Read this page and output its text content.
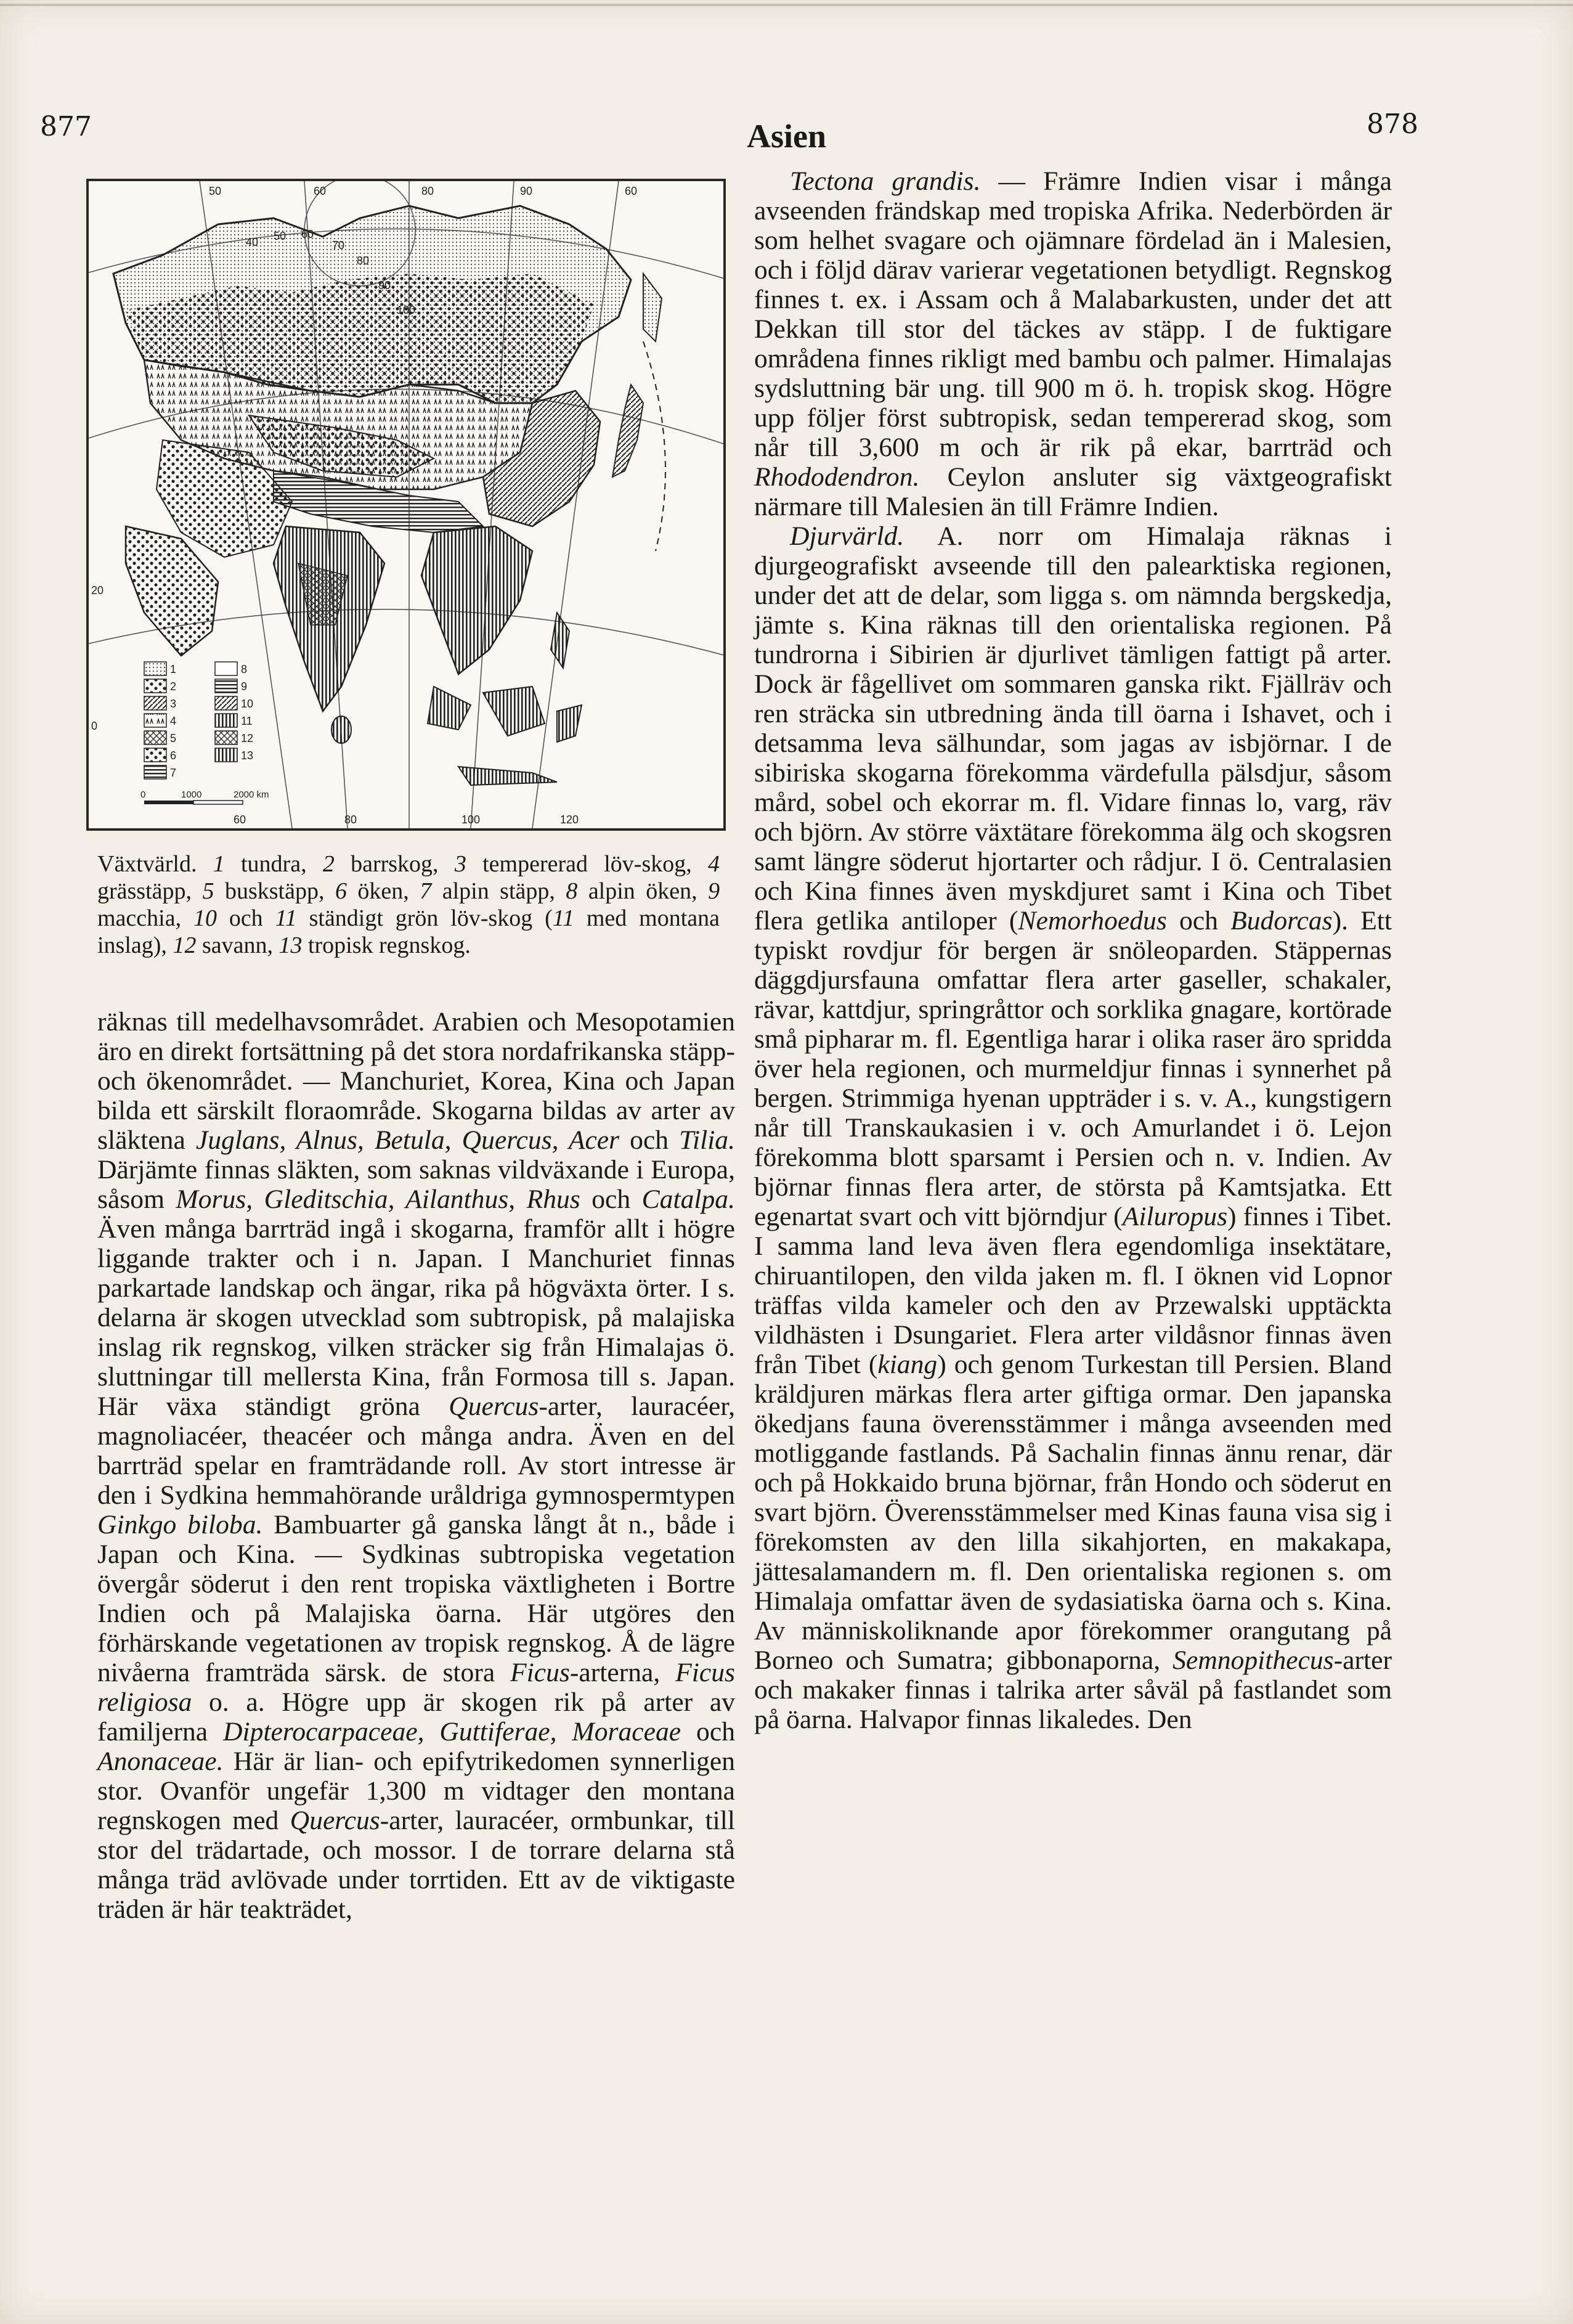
877	Asien	878
50	60	80	90	60
40 50 60
70
80
90
100
20
0
60	80	100	120
1
2
3
4
5
6
7
8
9
10
11
12
13
0	1000	2000 km
Växtvärld. 1 tundra, 2 barrskog, 3 tempererad löv-skog, 4 grässtäpp, 5 buskstäpp, 6 öken, 7 alpin stäpp, 8 alpin öken, 9 macchia, 10 och 11 ständigt grön löv-skog (11 med montana inslag), 12 savann, 13 tropisk regnskog.

räknas till medelhavsområdet. Arabien och Mesopotamien äro en direkt fortsättning på det stora nordafrikanska stäpp- och ökenområdet. — Manchuriet, Korea, Kina och Japan bilda ett särskilt floraområde. Skogarna bildas av arter av släktena Juglans, Alnus, Betula, Quercus, Acer och Tilia. Därjämte finnas släkten, som saknas vildväxande i Europa, såsom Morus, Gleditschia, Ailanthus, Rhus och Catalpa. Även många barrträd ingå i skogarna, framför allt i högre liggande trakter och i n. Japan. I Manchuriet finnas parkartade landskap och ängar, rika på högväxta örter. I s. delarna är skogen utvecklad som subtropisk, på malajiska inslag rik regnskog, vilken sträcker sig från Himalajas ö. sluttningar till mellersta Kina, från Formosa till s. Japan. Här växa ständigt gröna Quercus-arter, lauracéer, magnoliacéer, theacéer och många andra. Även en del barrträd spelar en framträdande roll. Av stort intresse är den i Sydkina hemmahörande uråldriga gymnospermtypen Ginkgo biloba. Bambuarter gå ganska långt åt n., både i Japan och Kina. — Sydkinas subtropiska vegetation övergår söderut i den rent tropiska växtligheten i Bortre Indien och på Malajiska öarna. Här utgöres den förhärskande vegetationen av tropisk regnskog. Å de lägre nivåerna framträda särsk. de stora Ficus-arterna, Ficus religiosa o. a. Högre upp är skogen rik på arter av familjerna Dipterocarpaceae, Guttiferae, Moraceae och Anonaceae. Här är lian- och epifytrikedomen synnerligen stor. Ovanför ungefär 1,300 m vidtager den montana regnskogen med Quercus-arter, lauracéer, ormbunkar, till stor del trädartade, och mossor. I de torrare delarna stå många träd avlövade under torrtiden. Ett av de viktigaste träden är här teakträdet,

Tectona grandis. — Främre Indien visar i många avseenden frändskap med tropiska Afrika. Nederbörden är som helhet svagare och ojämnare fördelad än i Malesien, och i följd därav varierar vegetationen betydligt. Regnskog finnes t. ex. i Assam och å Malabarkusten, under det att Dekkan till stor del täckes av stäpp. I de fuktigare områdena finnes rikligt med bambu och palmer. Himalajas sydsluttning bär ung. till 900 m ö. h. tropisk skog. Högre upp följer först subtropisk, sedan tempererad skog, som når till 3,600 m och är rik på ekar, barrträd och Rhododendron. Ceylon ansluter sig växtgeografiskt närmare till Malesien än till Främre Indien.

Djurvärld. A. norr om Himalaja räknas i djurgeografiskt avseende till den palearktiska regionen, under det att de delar, som ligga s. om nämnda bergskedja, jämte s. Kina räknas till den orientaliska regionen. På tundrorna i Sibirien är djurlivet tämligen fattigt på arter. Dock är fågellivet om sommaren ganska rikt. Fjällräv och ren sträcka sin utbredning ända till öarna i Ishavet, och i detsamma leva sälhundar, som jagas av isbjörnar. I de sibiriska skogarna förekomma värdefulla pälsdjur, såsom mård, sobel och ekorrar m. fl. Vidare finnas lo, varg, räv och björn. Av större växtätare förekomma älg och skogsren samt längre söderut hjortarter och rådjur. I ö. Centralasien och Kina finnes även myskdjuret samt i Kina och Tibet flera getlika antiloper (Nemorhoedus och Budorcas). Ett typiskt rovdjur för bergen är snöleoparden. Stäppernas däggdjursfauna omfattar flera arter gaseller, schakaler, rävar, kattdjur, springråttor och sorklika gnagare, kortörade små pipharar m. fl. Egentliga harar i olika raser äro spridda över hela regionen, och murmeldjur finnas i synnerhet på bergen. Strimmiga hyenan uppträder i s. v. A., kungstigern når till Transkaukasien i v. och Amurlandet i ö. Lejon förekomma blott sparsamt i Persien och n. v. Indien. Av björnar finnas flera arter, de största på Kamtsjatka. Ett egenartat svart och vitt björndjur (Ailuropus) finnes i Tibet. I samma land leva även flera egendomliga insektätare, chiruantilopen, den vilda jaken m. fl. I öknen vid Lopnor träffas vilda kameler och den av Przewalski upptäckta vildhästen i Dsungariet. Flera arter vildåsnor finnas även från Tibet (kiang) och genom Turkestan till Persien. Bland kräldjuren märkas flera arter giftiga ormar. Den japanska ökedjans fauna överensstämmer i många avseenden med motliggande fastlands. På Sachalin finnas ännu renar, där och på Hokkaido bruna björnar, från Hondo och söderut en svart björn. Överensstämmelser med Kinas fauna visa sig i förekomsten av den lilla sikahjorten, en makakapa, jättesalamandern m. fl. Den orientaliska regionen s. om Himalaja omfattar även de sydasiatiska öarna och s. Kina. Av människoliknande apor förekommer orangutang på Borneo och Sumatra; gibbonaporna, Semnopithecus-arter och makaker finnas i talrika arter såväl på fastlandet som på öarna. Halvapor finnas likaledes. Den
